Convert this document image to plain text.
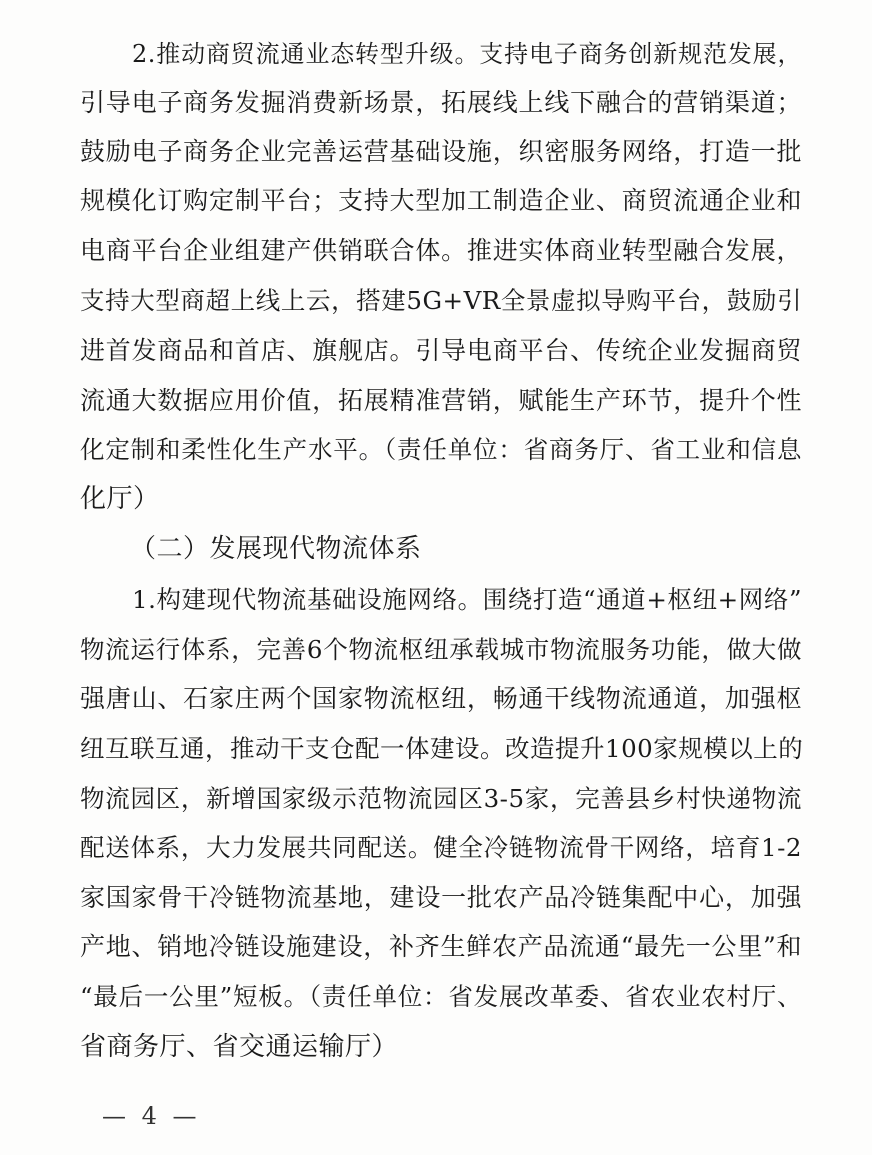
2.推动商贸流通业态转型升级。支持电子商务创新规范发展，
引导电子商务发掘消费新场景，拓展线上线下融合的营销渠道；
鼓励电子商务企业完善运营基础设施，织密服务网络，打造一批
规模化订购定制平台；支持大型加工制造企业、商贸流通企业和
电商平台企业组建产供销联合体。推进实体商业转型融合发展，
支持大型商超上线上云，搭建5G+VR全景虚拟导购平台，鼓励引
进首发商品和首店、旗舰店。引导电商平台、传统企业发掘商贸
流通大数据应用价值，拓展精准营销，赋能生产环节，提升个性
化定制和柔性化生产水平。（责任单位：省商务厅、省工业和信息
化厅）
（二）发展现代物流体系
1.构建现代物流基础设施网络。围绕打造“通道+枢纽+网络”
物流运行体系，完善6个物流枢纽承载城市物流服务功能，做大做
强唐山、石家庄两个国家物流枢纽，畅通干线物流通道，加强枢
纽互联互通，推动干支仓配一体建设。改造提升100家规模以上的
物流园区，新增国家级示范物流园区3-5家，完善县乡村快递物流
配送体系，大力发展共同配送。健全冷链物流骨干网络，培育1-2
家国家骨干冷链物流基地，建设一批农产品冷链集配中心，加强
产地、销地冷链设施建设，补齐生鲜农产品流通“最先一公里”和
“最后一公里”短板。（责任单位：省发展改革委、省农业农村厅、
省商务厅、省交通运输厅）
— 4 —
